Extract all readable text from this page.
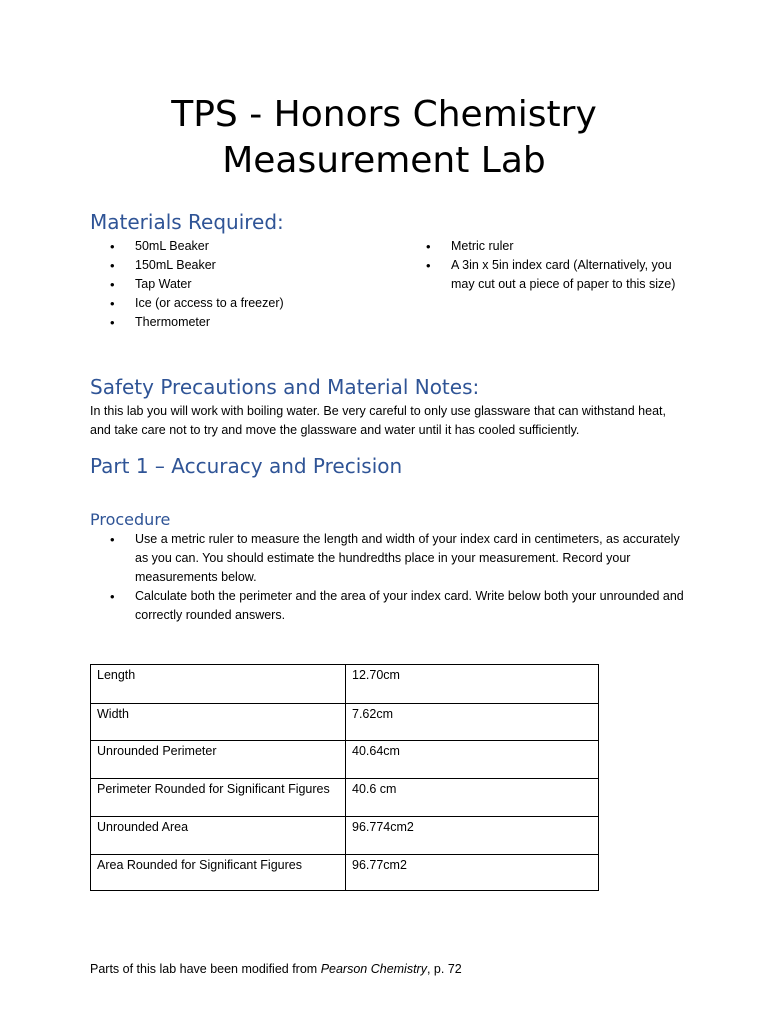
TPS - Honors Chemistry
Measurement Lab
Materials Required:
• 50mL Beaker
• 150mL Beaker
• Tap Water
• Ice (or access to a freezer)
• Thermometer
• Metric ruler
• A 3in x 5in index card (Alternatively, you may cut out a piece of paper to this size)
Safety Precautions and Material Notes:

In this lab you will work with boiling water. Be very careful to only use glassware that can withstand heat, and take care not to try and move the glassware and water until it has cooled sufficiently.

Part 1 – Accuracy and Precision
Procedure
• Use a metric ruler to measure the length and width of your index card in centimeters, as accurately as you can. You should estimate the hundredths place in your measurement. Record your measurements below.
• Calculate both the perimeter and the area of your index card. Write below both your unrounded and correctly rounded answers.
Length	12.70cm
Width	7.62cm
Unrounded Perimeter	40.64cm
Perimeter Rounded for Significant Figures	40.6 cm
Unrounded Area	96.774cm2
Area Rounded for Significant Figures	96.77cm2

Parts of this lab have been modified from Pearson Chemistry, p. 72
